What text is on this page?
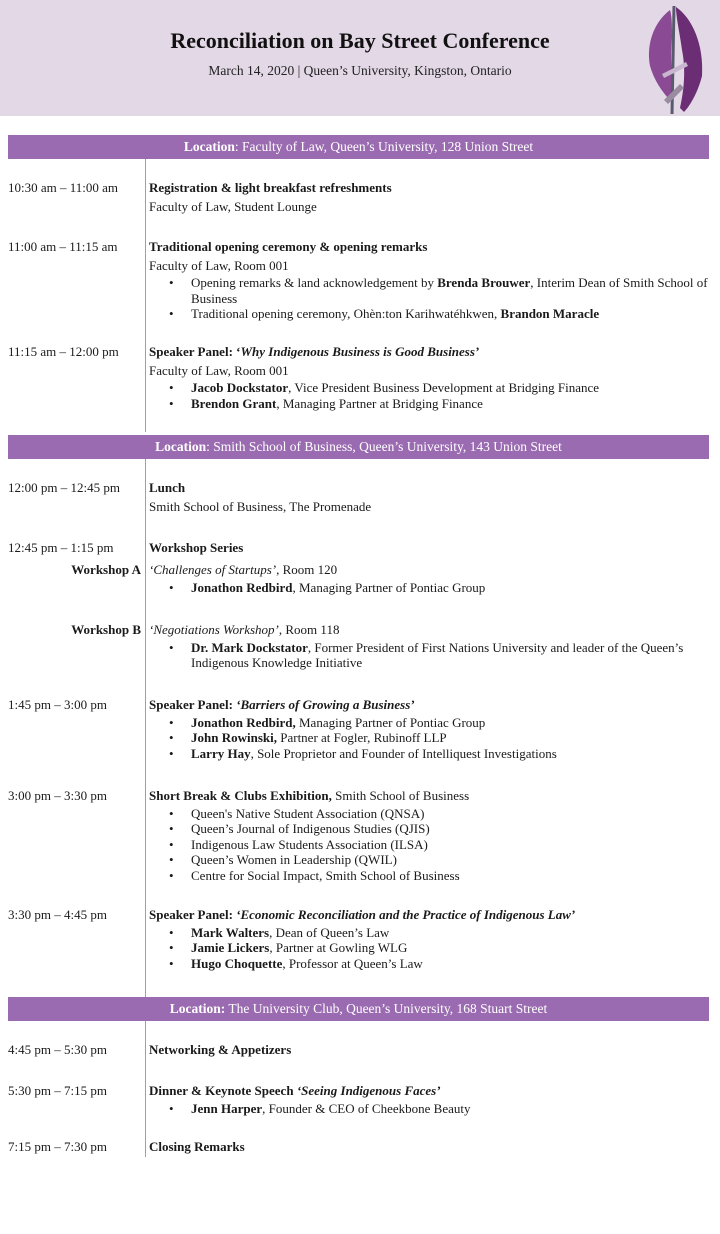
Reconciliation on Bay Street Conference
March 14, 2020 | Queen’s University, Kingston, Ontario
Location: Faculty of Law, Queen’s University, 128 Union Street
10:30 am – 11:00 am Registration & light breakfast refreshments
Faculty of Law, Student Lounge
11:00 am – 11:15 am Traditional opening ceremony & opening remarks
Faculty of Law, Room 001
• Opening remarks & land acknowledgement by Brenda Brouwer, Interim Dean of Smith School of Business
• Traditional opening ceremony, Ohèn:ton Karihwatéhkwen, Brandon Maracle
11:15 am – 12:00 pm Speaker Panel: ‘Why Indigenous Business is Good Business’
Faculty of Law, Room 001
• Jacob Dockstator, Vice President Business Development at Bridging Finance
• Brendon Grant, Managing Partner at Bridging Finance
Location: Smith School of Business, Queen’s University, 143 Union Street
12:00 pm – 12:45 pm Lunch
Smith School of Business, The Promenade
12:45 pm – 1:15 pm	Workshop Series
Workshop A ‘Challenges of Startups’, Room 120
• Jonathon Redbird, Managing Partner of Pontiac Group
Workshop B ‘Negotiations Workshop’, Room 118
• Dr. Mark Dockstator, Former President of First Nations University and leader of the Queen’s Indigenous Knowledge Initiative
1:45 pm – 3:00 pm	Speaker Panel: ‘Barriers of Growing a Business’
• Jonathon Redbird, Managing Partner of Pontiac Group
• John Rowinski, Partner at Fogler, Rubinoff LLP
• Larry Hay, Sole Proprietor and Founder of Intelliquest Investigations
3:00 pm – 3:30 pm	Short Break & Clubs Exhibition, Smith School of Business
• Queen's Native Student Association (QNSA)
• Queen’s Journal of Indigenous Studies (QJIS)
• Indigenous Law Students Association (ILSA)
• Queen’s Women in Leadership (QWIL)
• Centre for Social Impact, Smith School of Business
3:30 pm – 4:45 pm	Speaker Panel: ‘Economic Reconciliation and the Practice of Indigenous Law’
• Mark Walters, Dean of Queen’s Law
• Jamie Lickers, Partner at Gowling WLG
• Hugo Choquette, Professor at Queen’s Law
Location: The University Club, Queen’s University, 168 Stuart Street
4:45 pm – 5:30 pm	Networking & Appetizers
5:30 pm – 7:15 pm	Dinner & Keynote Speech ‘Seeing Indigenous Faces’
• Jenn Harper, Founder & CEO of Cheekbone Beauty
7:15 pm – 7:30 pm	Closing Remarks
